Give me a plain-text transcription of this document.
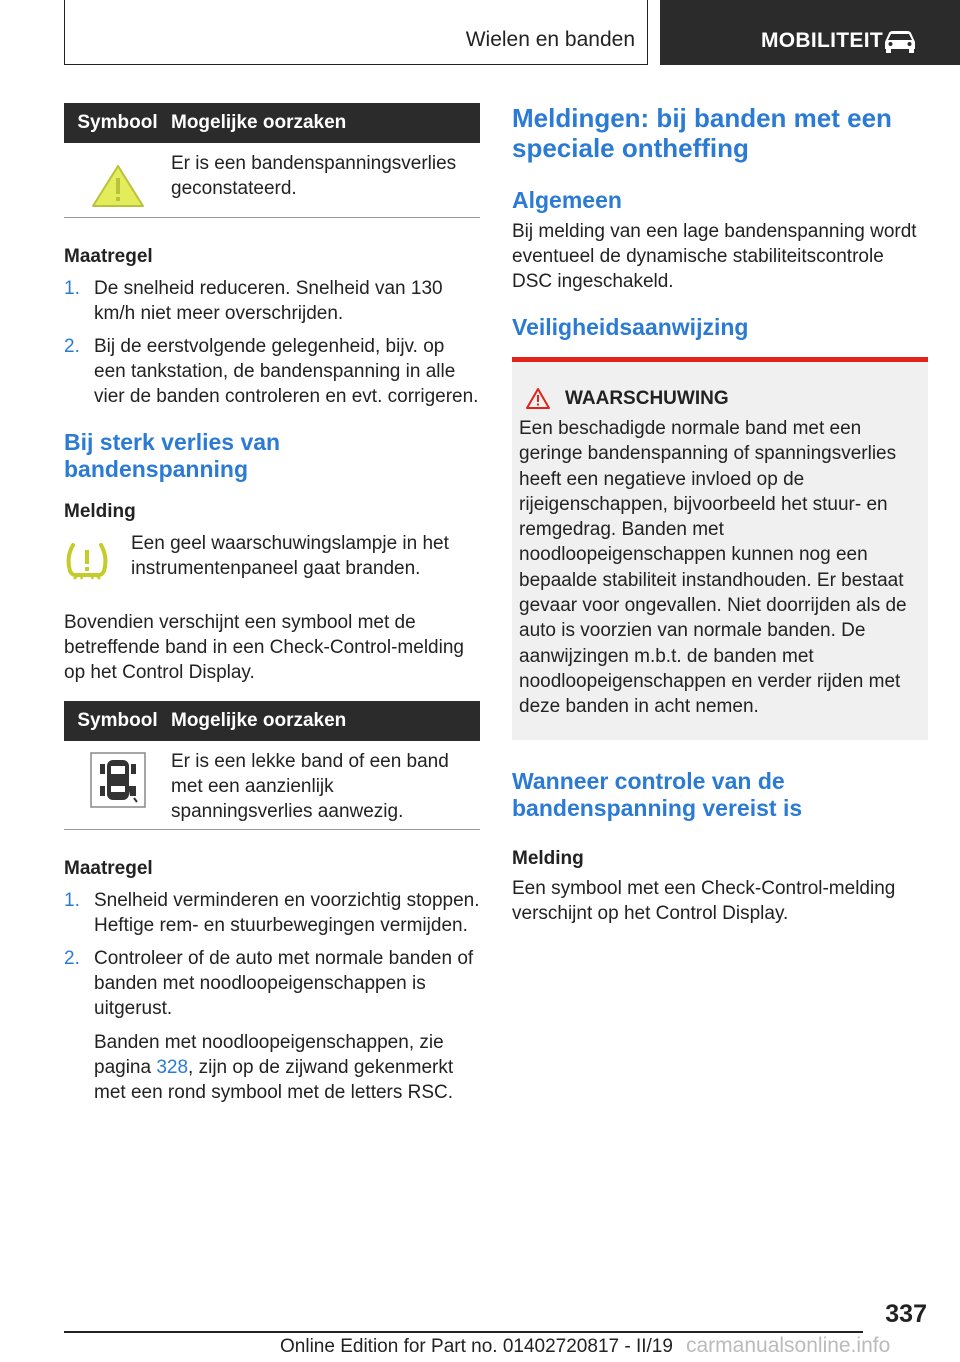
Wielen en banden	MOBILITEIT
Symbool Mogelijke oorzaken
Er is een bandenspanningsverlies geconstateerd.
Maatregel
1. De snelheid reduceren. Snelheid van 130 km/h niet meer overschrijden.
2. Bij de eerstvolgende gelegenheid, bijv. op een tankstation, de bandenspanning in alle vier de banden controleren en evt. corrigeren.
Bij sterk verlies van bandenspanning
Melding
Een geel waarschuwingslampje in het instrumentenpaneel gaat branden.
Bovendien verschijnt een symbool met de betreffende band in een Check-Control-melding op het Control Display.
Symbool Mogelijke oorzaken
Er is een lekke band of een band met een aanzienlijk spanningsverlies aanwezig.
Maatregel
1. Snelheid verminderen en voorzichtig stoppen. Heftige rem- en stuurbewegingen vermijden.
2. Controleer of de auto met normale banden of banden met noodloopeigenschappen is uitgerust.
Banden met noodloopeigenschappen, zie pagina 328, zijn op de zijwand gekenmerkt met een rond symbool met de letters RSC.
Meldingen: bij banden met een speciale ontheffing
Algemeen
Bij melding van een lage bandenspanning wordt eventueel de dynamische stabiliteitscontrole DSC ingeschakeld.
Veiligheidsaanwijzing
WAARSCHUWING
Een beschadigde normale band met een geringe bandenspanning of spanningsverlies heeft een negatieve invloed op de rijeigenschappen, bijvoorbeeld het stuur- en remgedrag. Banden met noodloopeigenschappen kunnen nog een bepaalde stabiliteit instandhouden. Er bestaat gevaar voor ongevallen. Niet doorrijden als de auto is voorzien van normale banden. De aanwijzingen m.b.t. de banden met noodloopeigenschappen en verder rijden met deze banden in acht nemen.
Wanneer controle van de bandenspanning vereist is
Melding
Een symbool met een Check-Control-melding verschijnt op het Control Display.
337
Online Edition for Part no. 01402720817 - II/19 carmanualsonline.info
